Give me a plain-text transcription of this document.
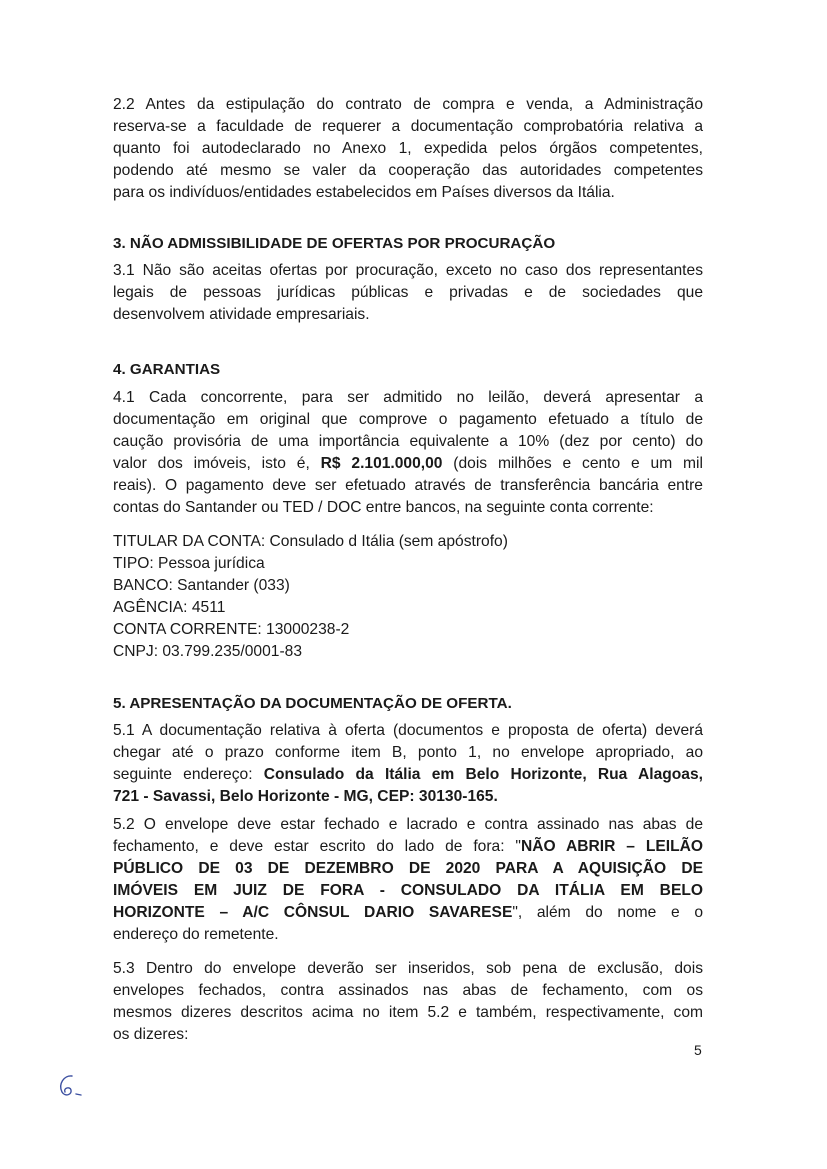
2.2 Antes da estipulação do contrato de compra e venda, a Administração
reserva-se a faculdade de requerer a documentação comprobatória relativa a
quanto foi autodeclarado no Anexo 1, expedida pelos órgãos competentes,
podendo até mesmo se valer da cooperação das autoridades competentes
para os indivíduos/entidades estabelecidos em Países diversos da Itália.
3. NÃO ADMISSIBILIDADE DE OFERTAS POR PROCURAÇÃO
3.1 Não são aceitas ofertas por procuração, exceto no caso dos representantes
legais de pessoas jurídicas públicas e privadas e de sociedades que
desenvolvem atividade empresariais.
4. GARANTIAS
4.1 Cada concorrente, para ser admitido no leilão, deverá apresentar a
documentação em original que comprove o pagamento efetuado a título de
caução provisória de uma importância equivalente a 10% (dez por cento) do
valor dos imóveis, isto é, R$ 2.101.000,00 (dois milhões e cento e um mil
reais). O pagamento deve ser efetuado através de transferência bancária entre
contas do Santander ou TED / DOC entre bancos, na seguinte conta corrente:
TITULAR DA CONTA: Consulado d Itália (sem apóstrofo)
TIPO: Pessoa jurídica
BANCO: Santander (033)
AGÊNCIA: 4511
CONTA CORRENTE: 13000238-2
CNPJ: 03.799.235/0001-83
5. APRESENTAÇÃO DA DOCUMENTAÇÃO DE OFERTA.
5.1 A documentação relativa à oferta (documentos e proposta de oferta) deverá
chegar até o prazo conforme item B, ponto 1, no envelope apropriado, ao
seguinte endereço: Consulado da Itália em Belo Horizonte, Rua Alagoas,
721 - Savassi, Belo Horizonte - MG, CEP: 30130-165.
5.2 O envelope deve estar fechado e lacrado e contra assinado nas abas de
fechamento, e deve estar escrito do lado de fora: "NÃO ABRIR – LEILÃO
PÚBLICO DE 03 DE DEZEMBRO DE 2020 PARA A AQUISIÇÃO DE
IMÓVEIS EM JUIZ DE FORA - CONSULADO DA ITÁLIA EM BELO
HORIZONTE – A/C CÔNSUL DARIO SAVARESE", além do nome e o
endereço do remetente.
5.3 Dentro do envelope deverão ser inseridos, sob pena de exclusão, dois
envelopes fechados, contra assinados nas abas de fechamento, com os
mesmos dizeres descritos acima no item 5.2 e também, respectivamente, com
os dizeres:
5
